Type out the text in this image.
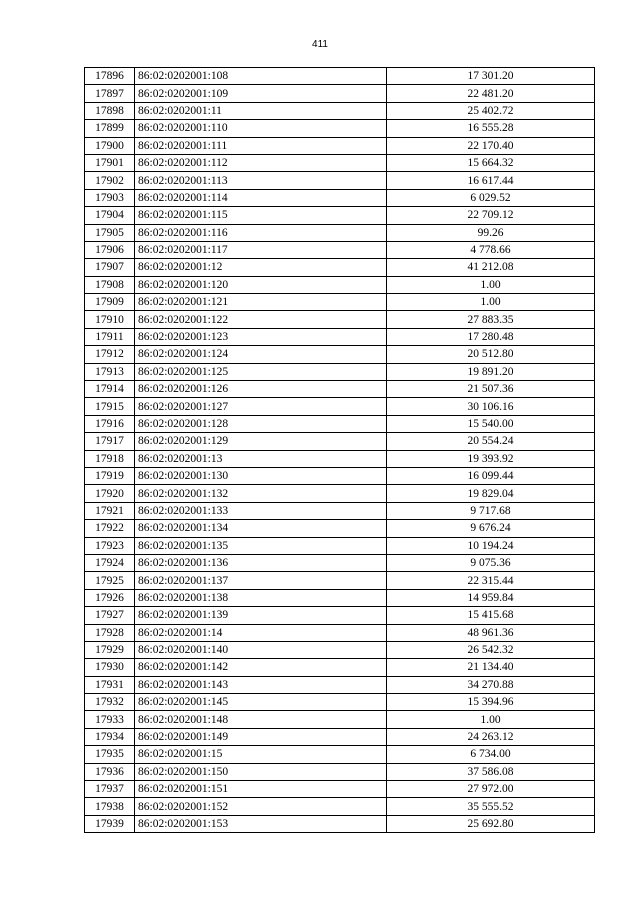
411
17896	86:02:0202001:108	17 301.20
17897	86:02:0202001:109	22 481.20
17898	86:02:0202001:11	25 402.72
17899	86:02:0202001:110	16 555.28
17900	86:02:0202001:111	22 170.40
17901	86:02:0202001:112	15 664.32
17902	86:02:0202001:113	16 617.44
17903	86:02:0202001:114	6 029.52
17904	86:02:0202001:115	22 709.12
17905	86:02:0202001:116	99.26
17906	86:02:0202001:117	4 778.66
17907	86:02:0202001:12	41 212.08
17908	86:02:0202001:120	1.00
17909	86:02:0202001:121	1.00
17910	86:02:0202001:122	27 883.35
17911	86:02:0202001:123	17 280.48
17912	86:02:0202001:124	20 512.80
17913	86:02:0202001:125	19 891.20
17914	86:02:0202001:126	21 507.36
17915	86:02:0202001:127	30 106.16
17916	86:02:0202001:128	15 540.00
17917	86:02:0202001:129	20 554.24
17918	86:02:0202001:13	19 393.92
17919	86:02:0202001:130	16 099.44
17920	86:02:0202001:132	19 829.04
17921	86:02:0202001:133	9 717.68
17922	86:02:0202001:134	9 676.24
17923	86:02:0202001:135	10 194.24
17924	86:02:0202001:136	9 075.36
17925	86:02:0202001:137	22 315.44
17926	86:02:0202001:138	14 959.84
17927	86:02:0202001:139	15 415.68
17928	86:02:0202001:14	48 961.36
17929	86:02:0202001:140	26 542.32
17930	86:02:0202001:142	21 134.40
17931	86:02:0202001:143	34 270.88
17932	86:02:0202001:145	15 394.96
17933	86:02:0202001:148	1.00
17934	86:02:0202001:149	24 263.12
17935	86:02:0202001:15	6 734.00
17936	86:02:0202001:150	37 586.08
17937	86:02:0202001:151	27 972.00
17938	86:02:0202001:152	35 555.52
17939	86:02:0202001:153	25 692.80
